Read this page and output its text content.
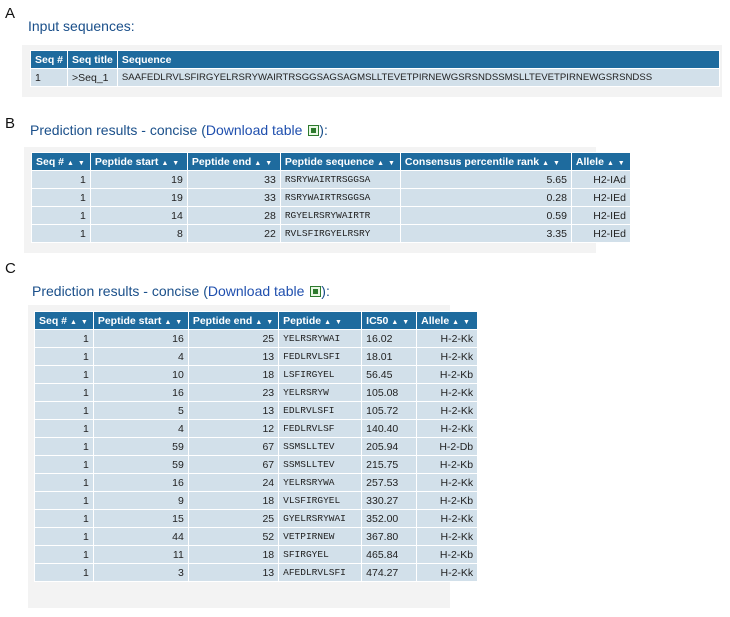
A
Input sequences:
Seq #	Seq title	Sequence
1	>Seq_1	SAAFEDLRVLSFIRGYELRSRYWAIRTRSGGSAGSAGMSLLTEVETPIRNEWGSRSNDSSMSLLTEVETPIRNEWGSRSNDSS
B Prediction results - concise (Download table ):
Seq # ▲ ▼	Peptide start ▲ ▼	Peptide end ▲ ▼	Peptide sequence ▲ ▼	Consensus percentile rank ▲ ▼	Allele ▲ ▼
1	19	33	RSRYWAIRTRSGGSA	5.65	H2-IAd
1	19	33	RSRYWAIRTRSGGSA	0.28	H2-IEd
1	14	28	RGYELRSRYWAIRTR	0.59	H2-IEd
1	8	22	RVLSFIRGYELRSRY	3.35	H2-IEd
C
Prediction results - concise (Download table ):
Seq # ▲ ▼	Peptide start ▲ ▼	Peptide end ▲ ▼	Peptide ▲ ▼	IC50 ▲ ▼	Allele ▲ ▼
1	16	25	YELRSRYWAI	16.02	H-2-Kk
1	4	13	FEDLRVLSFI	18.01	H-2-Kk
1	10	18	LSFIRGYEL	56.45	H-2-Kb
1	16	23	YELRSRYW	105.08	H-2-Kk
1	5	13	EDLRVLSFI	105.72	H-2-Kk
1	4	12	FEDLRVLSF	140.40	H-2-Kk
1	59	67	SSMSLLTEV	205.94	H-2-Db
1	59	67	SSMSLLTEV	215.75	H-2-Kb
1	16	24	YELRSRYWA	257.53	H-2-Kk
1	9	18	VLSFIRGYEL	330.27	H-2-Kb
1	15	25	GYELRSRYWAI	352.00	H-2-Kk
1	44	52	VETPIRNEW	367.80	H-2-Kk
1	11	18	SFIRGYEL	465.84	H-2-Kb
1	3	13	AFEDLRVLSFI	474.27	H-2-Kk
